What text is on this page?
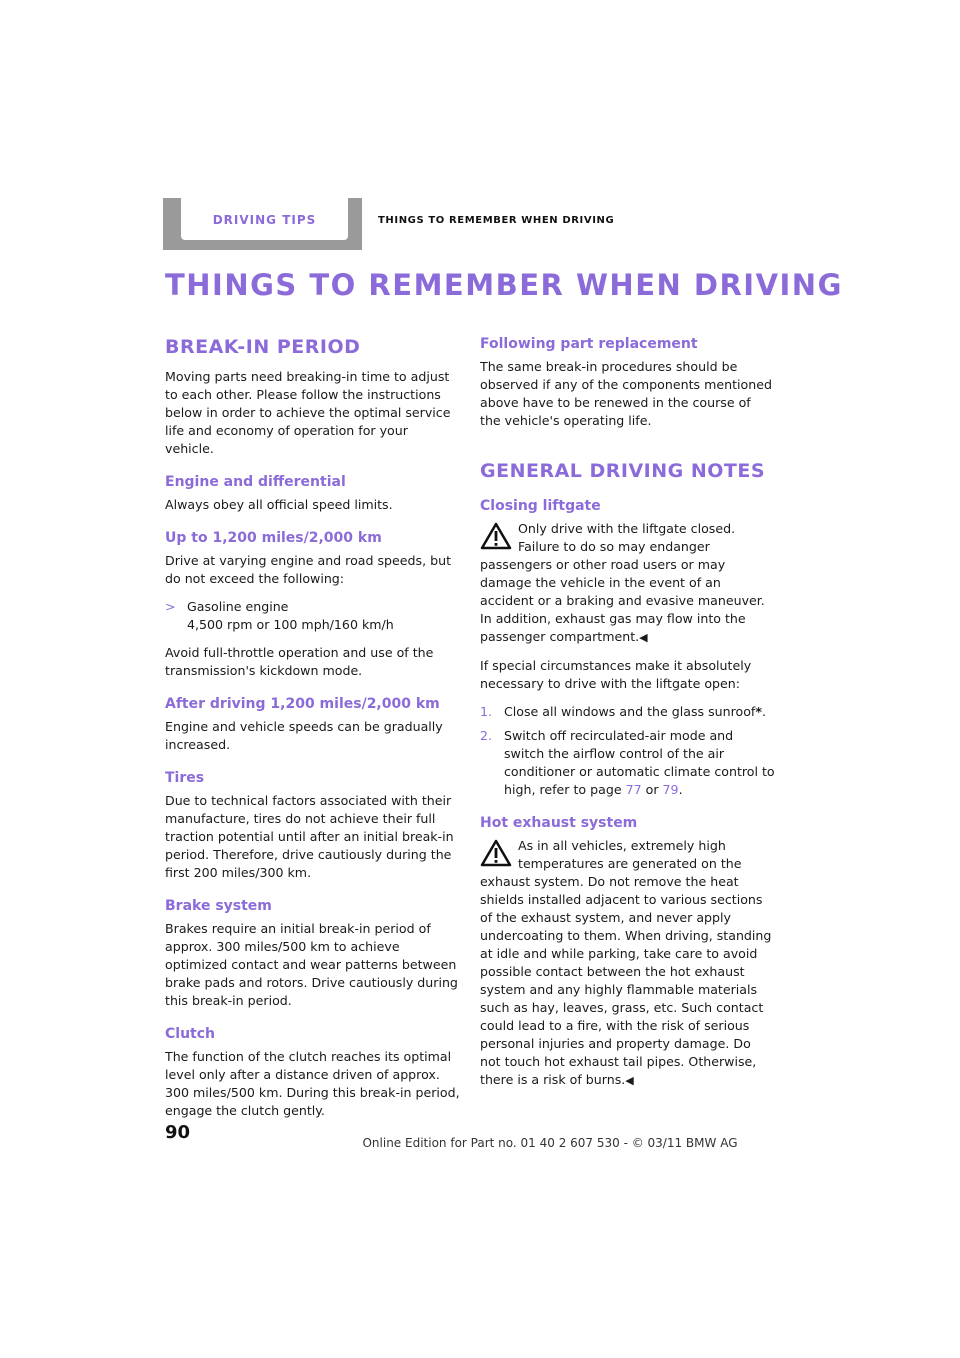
DRIVING TIPS	THINGS TO REMEMBER WHEN DRIVING
THINGS TO REMEMBER WHEN DRIVING
BREAK-IN PERIOD

Moving parts need breaking-in time to adjust to each other. Please follow the instructions below in order to achieve the optimal service life and economy of operation for your vehicle.

Engine and differential

Always obey all official speed limits.

Up to 1,200 miles/2,000 km

Drive at varying engine and road speeds, but do not exceed the following:

> Gasoline engine
4,500 rpm or 100 mph/160 km/h

Avoid full-throttle operation and use of the transmission's kickdown mode.

After driving 1,200 miles/2,000 km

Engine and vehicle speeds can be gradually increased.

Tires

Due to technical factors associated with their manufacture, tires do not achieve their full traction potential until after an initial break-in period. Therefore, drive cautiously during the first 200 miles/300 km.

Brake system

Brakes require an initial break-in period of approx. 300 miles/500 km to achieve optimized contact and wear patterns between brake pads and rotors. Drive cautiously during this break-in period.

Clutch

The function of the clutch reaches its optimal level only after a distance driven of approx. 300 miles/500 km. During this break-in period, engage the clutch gently.

Following part replacement

The same break-in procedures should be observed if any of the components mentioned above have to be renewed in the course of the vehicle's operating life.

GENERAL DRIVING NOTES
Closing liftgate

Only drive with the liftgate closed. Failure to do so may endanger passengers or other road users or may damage the vehicle in the event of an accident or a braking and evasive maneuver. In addition, exhaust gas may flow into the passenger compartment.◀

If special circumstances make it absolutely necessary to drive with the liftgate open:

1. Close all windows and the glass sunroof*.
2. Switch off recirculated-air mode and switch the airflow control of the air conditioner or automatic climate control to high, refer to page 77 or 79.
Hot exhaust system

As in all vehicles, extremely high temperatures are generated on the exhaust system. Do not remove the heat shields installed adjacent to various sections of the exhaust system, and never apply undercoating to them. When driving, standing at idle and while parking, take care to avoid possible contact between the hot exhaust system and any highly flammable materials such as hay, leaves, grass, etc. Such contact could lead to a fire, with the risk of serious personal injuries and property damage. Do not touch hot exhaust tail pipes. Otherwise, there is a risk of burns.◀

90	Online Edition for Part no. 01 40 2 607 530 - © 03/11 BMW AG
